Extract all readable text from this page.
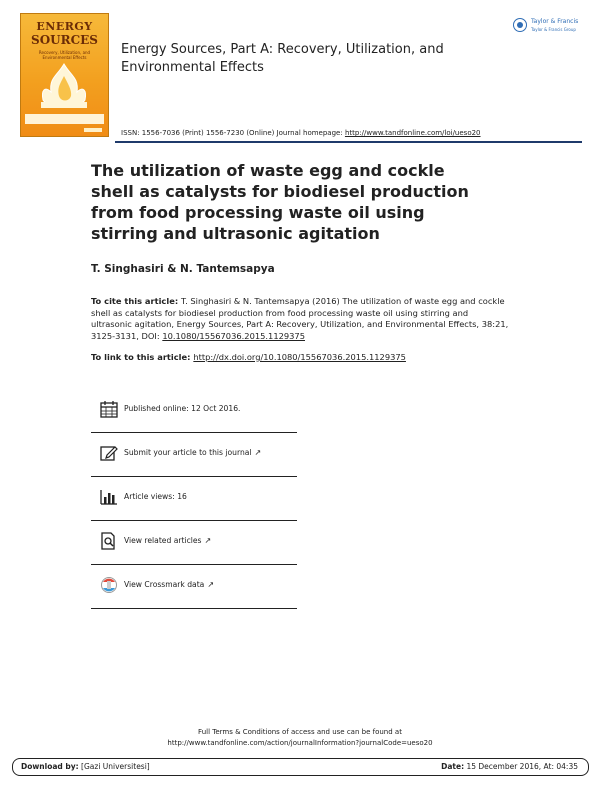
ENERGY
SOURCES
Recovery, Utilization, and Environmental Effects
Energy Sources, Part A: Recovery, Utilization, and Environmental Effects
Taylor & Francis
Taylor & Francis Group
ISSN: 1556-7036 (Print) 1556-7230 (Online) Journal homepage: http://www.tandfonline.com/loi/ueso20
The utilization of waste egg and cockle shell as catalysts for biodiesel production from food processing waste oil using stirring and ultrasonic agitation
T. Singhasiri & N. Tantemsapya
To cite this article: T. Singhasiri & N. Tantemsapya (2016) The utilization of waste egg and cockle shell as catalysts for biodiesel production from food processing waste oil using stirring and ultrasonic agitation, Energy Sources, Part A: Recovery, Utilization, and Environmental Effects, 38:21, 3125-3131, DOI: 10.1080/15567036.2015.1129375
To link to this article: http://dx.doi.org/10.1080/15567036.2015.1129375
Published online: 12 Oct 2016.
Submit your article to this journal ↗
Article views: 16
View related articles ↗
View Crossmark data ↗
Full Terms & Conditions of access and use can be found at
http://www.tandfonline.com/action/journalInformation?journalCode=ueso20
Download by: [Gazi Universitesi]	Date: 15 December 2016, At: 04:35
